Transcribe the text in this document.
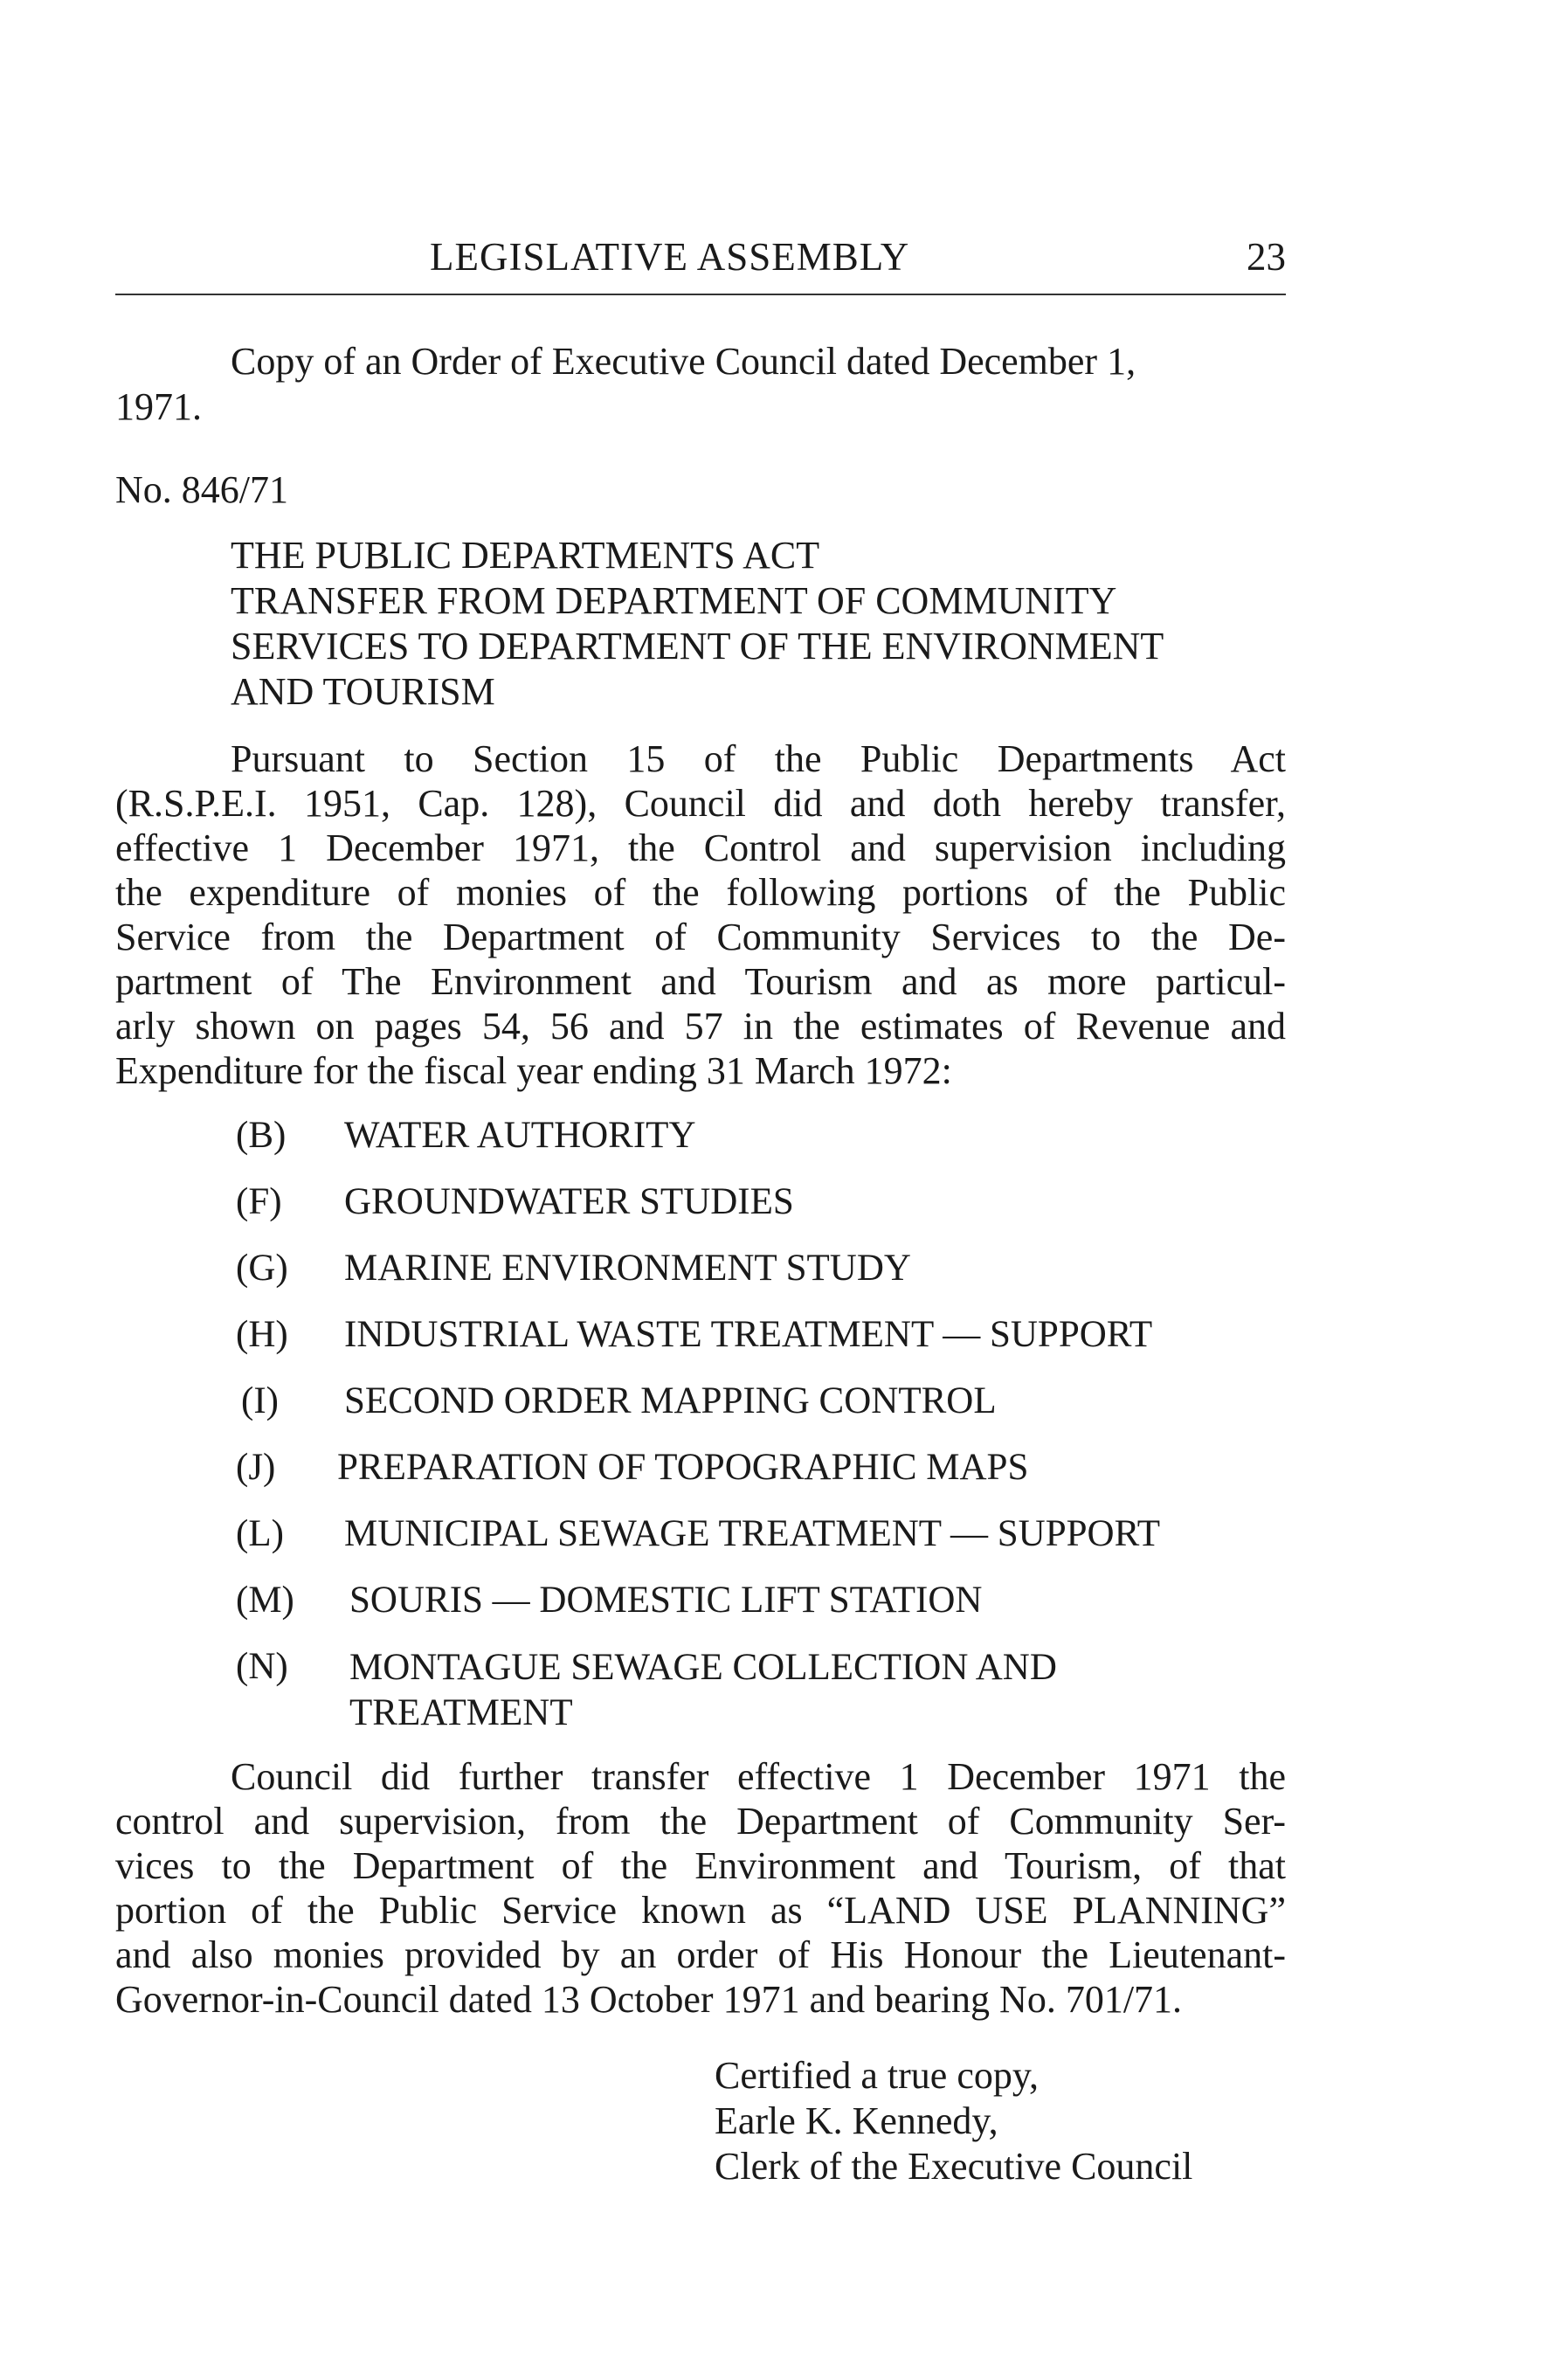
LEGISLATIVE ASSEMBLY	23
Copy of an Order of Executive Council dated December 1,
1971.
No. 846/71
THE PUBLIC DEPARTMENTS ACT
TRANSFER FROM DEPARTMENT OF COMMUNITY
SERVICES TO DEPARTMENT OF THE ENVIRONMENT
AND TOURISM
Pursuant to Section 15 of the Public Departments Act
(R.S.P.E.I. 1951, Cap. 128), Council did and doth hereby transfer,
effective 1 December 1971, the Control and supervision including
the expenditure of monies of the following portions of the Public
Service from the Department of Community Services to the De-
partment of The Environment and Tourism and as more particul-
arly shown on pages 54, 56 and 57 in the estimates of Revenue and
Expenditure for the fiscal year ending 31 March 1972:
(B)	WATER AUTHORITY
(F)	GROUNDWATER STUDIES
(G)	MARINE ENVIRONMENT STUDY
(H)	INDUSTRIAL WASTE TREATMENT — SUPPORT
(I)	SECOND ORDER MAPPING CONTROL
(J)	PREPARATION OF TOPOGRAPHIC MAPS
(L)	MUNICIPAL SEWAGE TREATMENT — SUPPORT
(M)	SOURIS — DOMESTIC LIFT STATION
(N)	MONTAGUE SEWAGE COLLECTION AND
TREATMENT
Council did further transfer effective 1 December 1971 the
control and supervision, from the Department of Community Ser-
vices to the Department of the Environment and Tourism, of that
portion of the Public Service known as “LAND USE PLANNING”
and also monies provided by an order of His Honour the Lieutenant-
Governor-in-Council dated 13 October 1971 and bearing No. 701/71.
Certified a true copy,
Earle K. Kennedy,
Clerk of the Executive Council
